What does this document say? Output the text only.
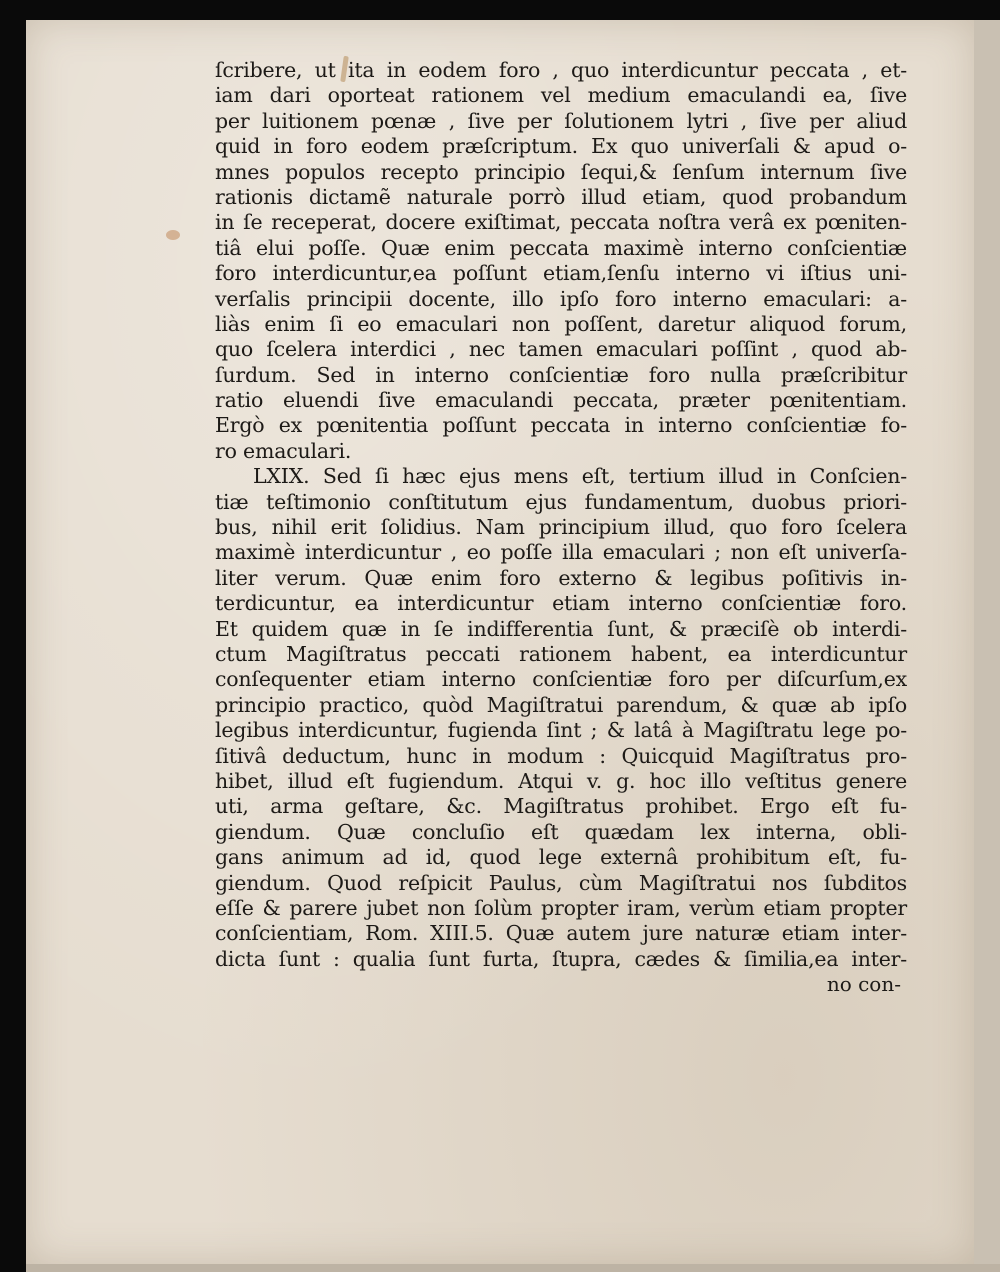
ſcribere, ut ita in eodem foro , quo interdicuntur peccata , et-
iam dari oporteat rationem vel medium emaculandi ea, ſive
per luitionem pœnæ , ſive per ſolutionem lytri , ſive per aliud
quid in foro eodem præſcriptum. Ex quo univerſali & apud o-
mnes populos recepto principio ſequi,& ſenſum internum ſive
rationis dictamẽ naturale porrò illud etiam, quod probandum
in ſe receperat, docere exiſtimat, peccata noſtra verâ ex pœniten-
tiâ elui poſſe. Quæ enim peccata maximè interno conſcientiæ
foro interdicuntur,ea poſſunt etiam,ſenſu interno vi iſtius uni-
verſalis principii docente, illo ipſo foro interno emaculari: a-
liàs enim ſi eo emaculari non poſſent, daretur aliquod forum,
quo ſcelera interdici , nec tamen emaculari poſſint , quod ab-
ſurdum. Sed in interno conſcientiæ foro nulla præſcribitur
ratio eluendi ſive emaculandi peccata, præter pœnitentiam.
Ergò ex pœnitentia poſſunt peccata in interno conſcientiæ fo-
ro emaculari.
LXIX. Sed ſi hæc ejus mens eſt, tertium illud in Conſcien-
tiæ teſtimonio conſtitutum ejus fundamentum, duobus priori-
bus, nihil erit ſolidius. Nam principium illud, quo foro ſcelera
maximè interdicuntur , eo poſſe illa emaculari ; non eſt univerſa-
liter verum. Quæ enim foro externo & legibus poſitivis in-
terdicuntur, ea interdicuntur etiam interno conſcientiæ foro.
Et quidem quæ in ſe indifferentia ſunt, & præciſè ob interdi-
ctum Magiſtratus peccati rationem habent, ea interdicuntur
conſequenter etiam interno conſcientiæ foro per diſcurſum,ex
principio practico, quòd Magiſtratui parendum, & quæ ab ipſo
legibus interdicuntur, fugienda ſint ; & latâ à Magiſtratu lege po-
ſitivâ deductum, hunc in modum : Quicquid Magiſtratus pro-
hibet, illud eſt fugiendum. Atqui v. g. hoc illo veſtitus genere
uti, arma geſtare, &c. Magiſtratus prohibet. Ergo eſt fu-
giendum. Quæ concluſio eſt quædam lex interna, obli-
gans animum ad id, quod lege externâ prohibitum eſt, fu-
giendum. Quod reſpicit Paulus, cùm Magiſtratui nos ſubditos
eſſe & parere jubet non ſolùm propter iram, verùm etiam propter
conſcientiam, Rom. XIII.5. Quæ autem jure naturæ etiam inter-
dicta ſunt : qualia ſunt furta, ſtupra, cædes & ſimilia,ea inter-
no con-
